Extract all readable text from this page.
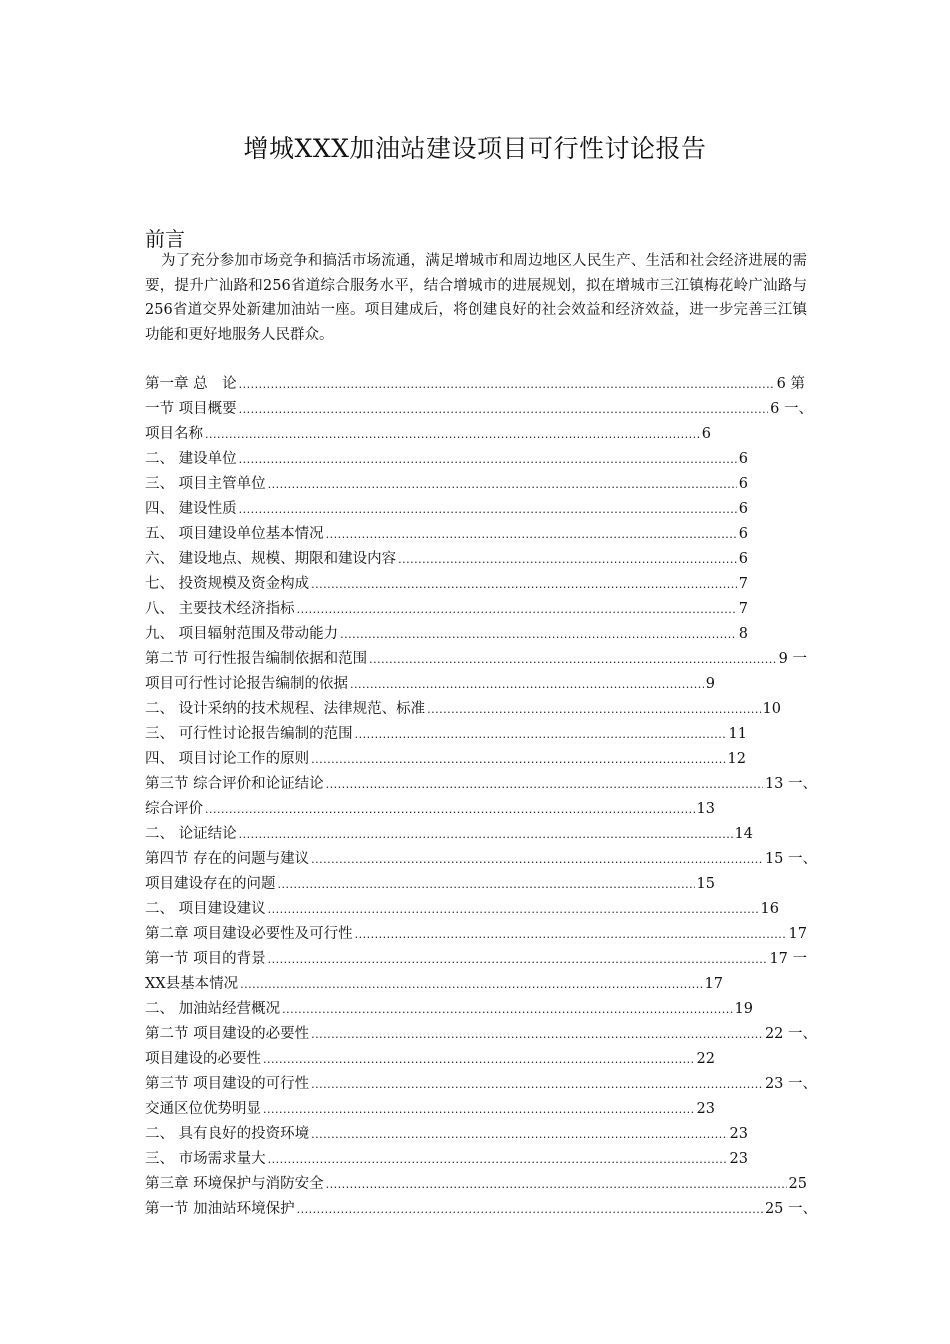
增城XXX加油站建设项目可行性讨论报告
前言

为了充分参加市场竞争和搞活市场流通，满足增城市和周边地区人民生产、生活和社会经济进展的需要，提升广汕路和256省道综合服务水平，结合增城市的进展规划，拟在增城市三江镇梅花岭广汕路与256省道交界处新建加油站一座。项目建成后，将创建良好的社会效益和经济效益，进一步完善三江镇功能和更好地服务人民群众。

第一章 总　论 .....	6 第
一节 项目概要 .....	6 一、
项目名称 .....	6
二、 建设单位 .....	6
三、 项目主管单位 .....	6
四、 建设性质 .....	6
五、 项目建设单位基本情况 .....	6
六、 建设地点、规模、期限和建设内容 .....	6
七、 投资规模及资金构成 .....	7
八、 主要技术经济指标 .....	7
九、 项目辐射范围及带动能力 .....	8
第二节 可行性报告编制依据和范围 .....	9 一
项目可行性讨论报告编制的依据 .....	9
二、 设计采纳的技术规程、法律规范、标准 .....	10
三、 可行性讨论报告编制的范围 .....	11
四、 项目讨论工作的原则 .....	12
第三节 综合评价和论证结论 .....	13 一、
综合评价 .....	13
二、 论证结论 .....	14
第四节 存在的问题与建议 .....	15 一、
项目建设存在的问题 .....	15
二、 项目建设建议 .....	16
第二章 项目建设必要性及可行性 .....	17
第一节 项目的背景 .....	17 一
XX县基本情况 .....	17
二、 加油站经营概况 .....	19
第二节 项目建设的必要性 .....	22 一、
项目建设的必要性 .....	22
第三节 项目建设的可行性 .....	23 一、
交通区位优势明显 .....	23
二、 具有良好的投资环境 .....	23
三、 市场需求量大 .....	23
第三章 环境保护与消防安全 .....	25
第一节 加油站环境保护 .....	25 一、
